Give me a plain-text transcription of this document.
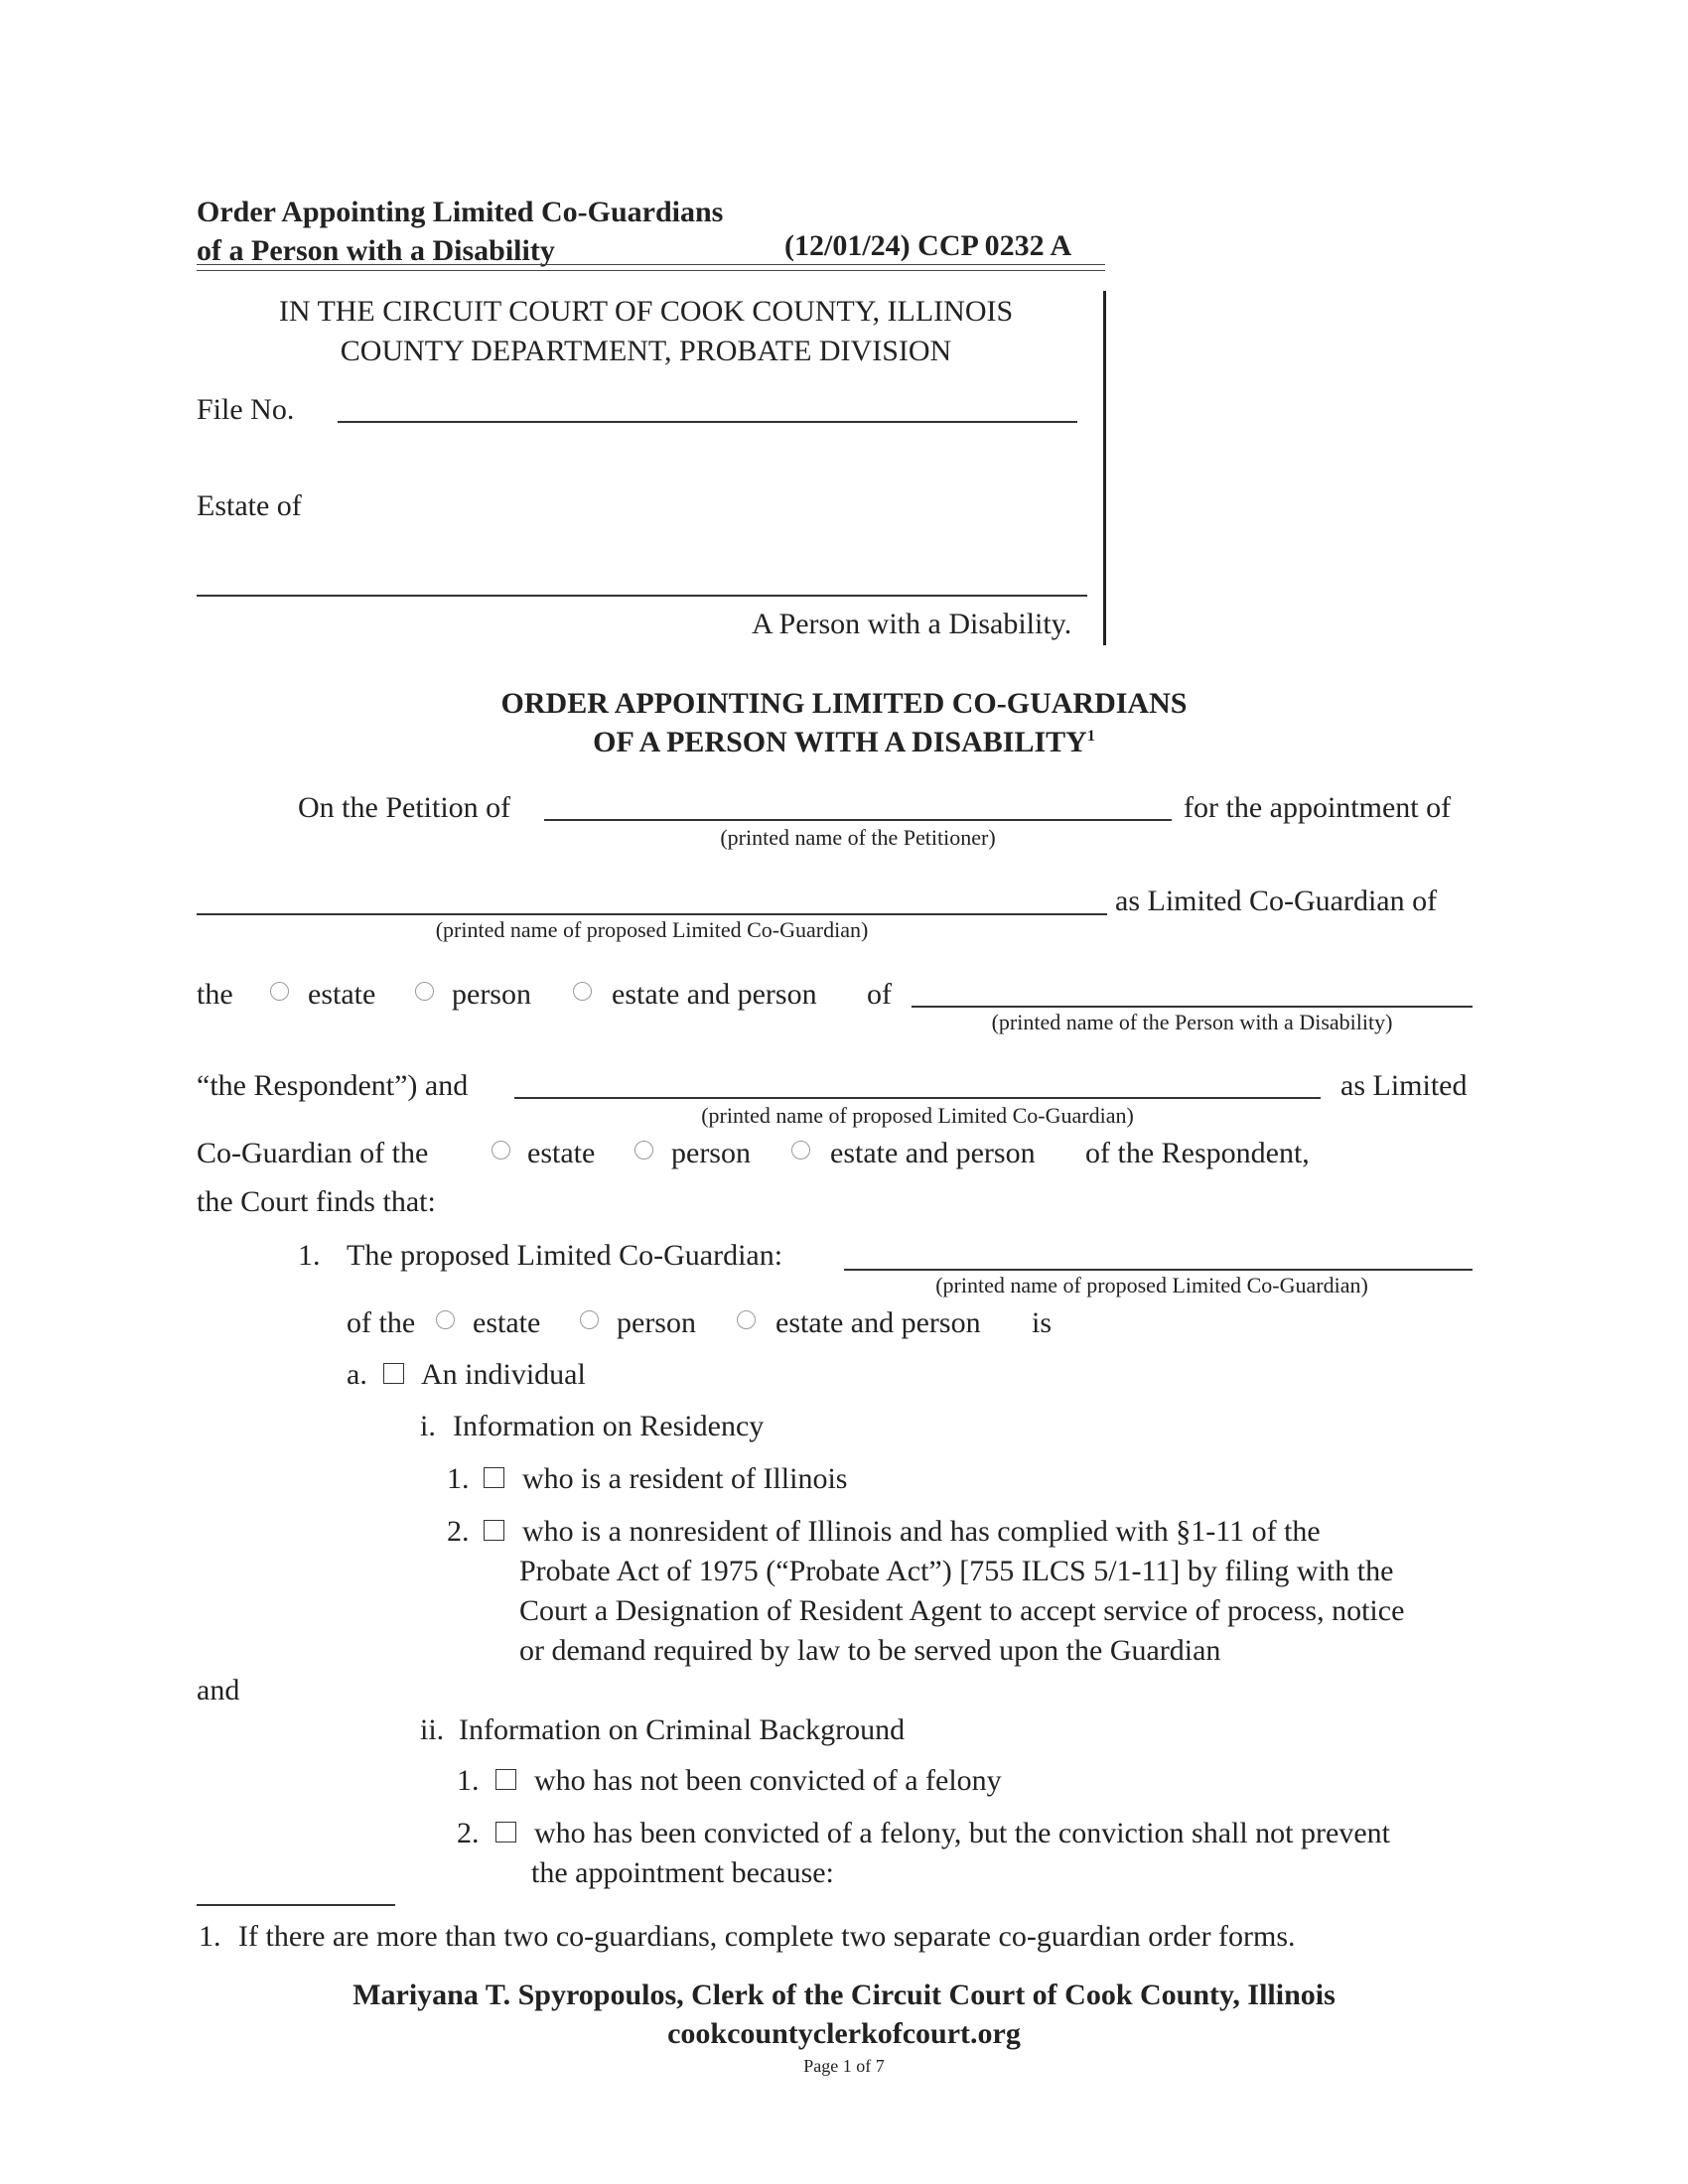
Order Appointing Limited Co-Guardians
of a Person with a Disability	(12/01/24) CCP 0232 A
IN THE CIRCUIT COURT OF COOK COUNTY, ILLINOIS
COUNTY DEPARTMENT, PROBATE DIVISION
File No.
Estate of
A Person with a Disability.
ORDER APPOINTING LIMITED CO-GUARDIANS
OF A PERSON WITH A DISABILITY$^1$
On the Petition of	for the appointment of
(printed name of the Petitioner)
as Limited Co-Guardian of
(printed name of proposed Limited Co-Guardian)
the	estate	person	estate and person of
(printed name of the Person with a Disability)
“the Respondent”) and	as Limited
(printed name of proposed Limited Co-Guardian)
Co-Guardian of the	estate	person	estate and person of the Respondent,
the Court finds that:
1. The proposed Limited Co-Guardian:
(printed name of proposed Limited Co-Guardian)
of the estate	person	estate and person is
a. An individual
i. Information on Residency
1. who is a resident of Illinois
2. who is a nonresident of Illinois and has complied with §1-11 of the
Probate Act of 1975 (“Probate Act”) [755 ILCS 5/1-11] by filing with the
Court a Designation of Resident Agent to accept service of process, notice
or demand required by law to be served upon the Guardian
and
ii. Information on Criminal Background
1. who has not been convicted of a felony
2. who has been convicted of a felony, but the conviction shall not prevent
the appointment because:
1. If there are more than two co-guardians, complete two separate co-guardian order forms.
Mariyana T. Spyropoulos, Clerk of the Circuit Court of Cook County, Illinois
cookcountyclerkofcourt.org
Page 1 of 7
